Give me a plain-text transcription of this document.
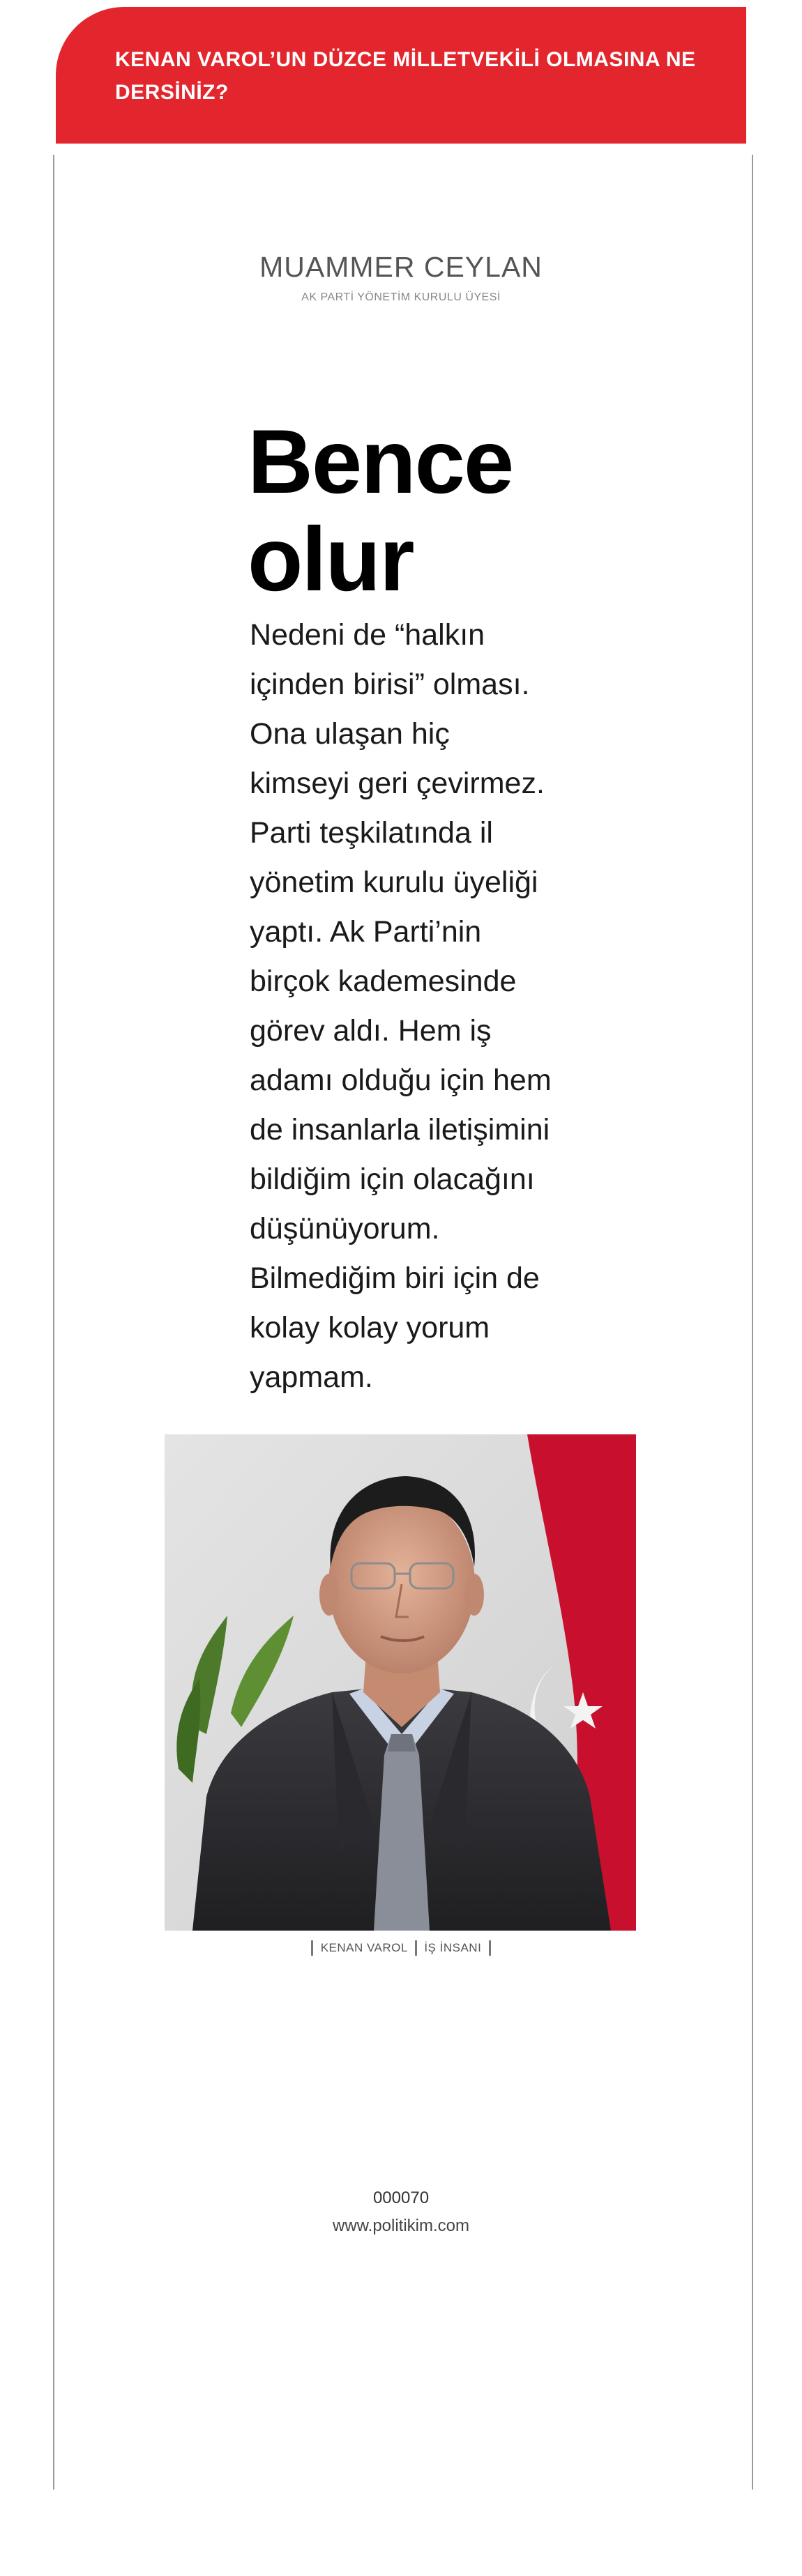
KENAN VAROL’UN DÜZCE MİLLETVEKİLİ OLMASINA NE DERSİNİZ?
MUAMMER CEYLAN
AK PARTİ YÖNETİM KURULU ÜYESİ
Bence olur
Nedeni de “halkın içinden birisi” olması. Ona ulaşan hiç kimseyi geri çevirmez. Parti teşkilatında il yönetim kurulu üyeliği yaptı. Ak Parti’nin birçok kademesinde görev aldı. Hem iş adamı olduğu için hem de insanlarla iletişimini bildiğim için olacağını düşünüyorum. Bilmediğim biri için de kolay kolay yorum yapmam.
KENAN VAROL İŞ İNSANI
000070
www.politikim.com
